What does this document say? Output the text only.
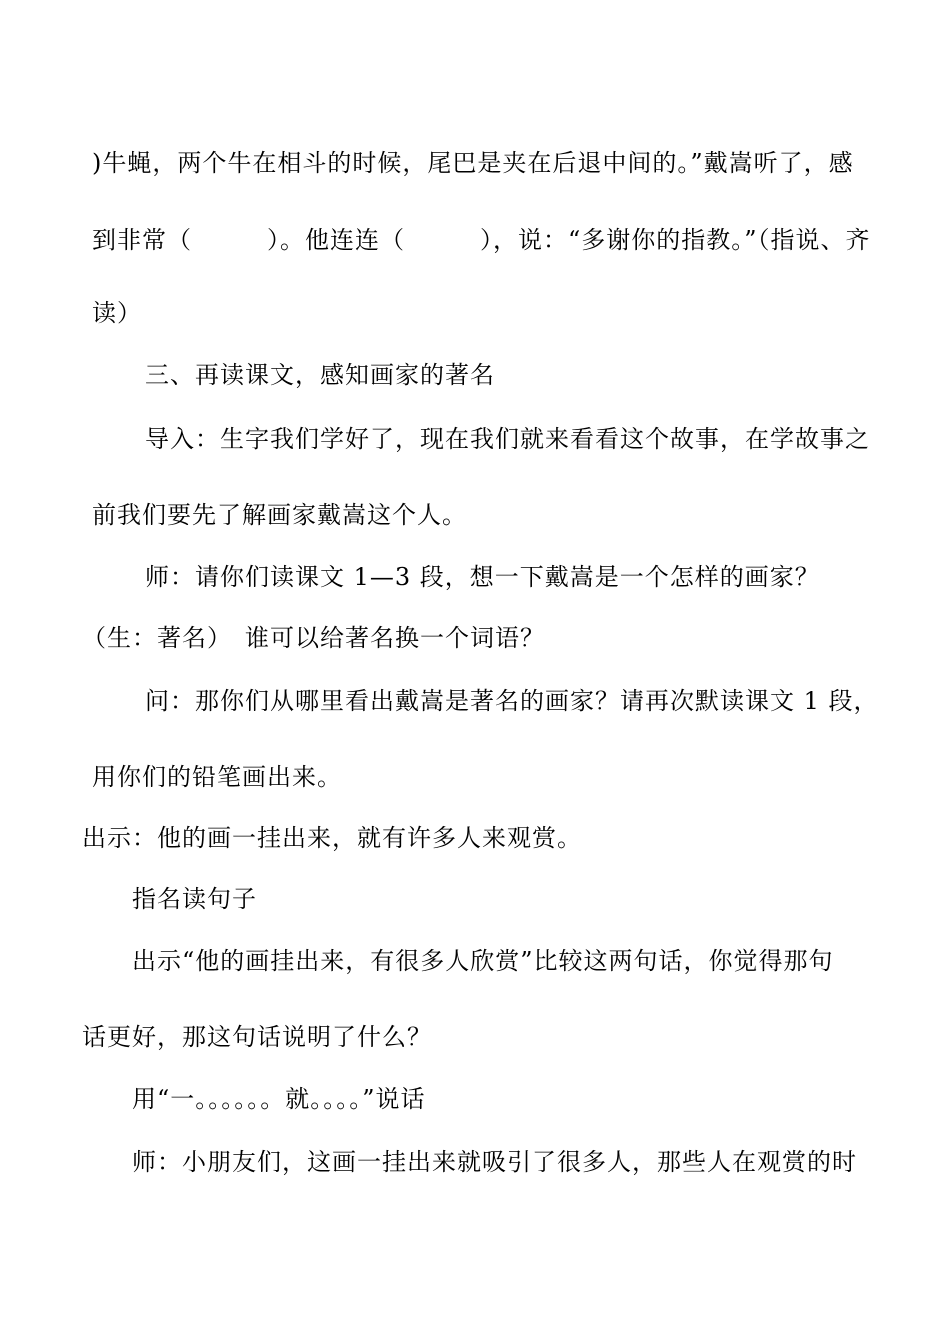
)牛蝇，两个牛在相斗的时候，尾巴是夹在后退中间的。”戴嵩听了，感
到非常（　　　）。他连连（　　　），说：“多谢你的指教。”（指说、齐
读）
三、再读课文，感知画家的著名
导入：生字我们学好了，现在我们就来看看这个故事，在学故事之
前我们要先了解画家戴嵩这个人。
师：请你们读课文 1—3 段，想一下戴嵩是一个怎样的画家？
（生：著名）　谁可以给著名换一个词语？
问：那你们从哪里看出戴嵩是著名的画家？请再次默读课文 1 段，
用你们的铅笔画出来。
出示：他的画一挂出来，就有许多人来观赏。
指名读句子
出示“他的画挂出来，有很多人欣赏”比较这两句话，你觉得那句
话更好，那这句话说明了什么？
用“一。。。。。。就。。。。”说话
师：小朋友们，这画一挂出来就吸引了很多人，那些人在观赏的时
